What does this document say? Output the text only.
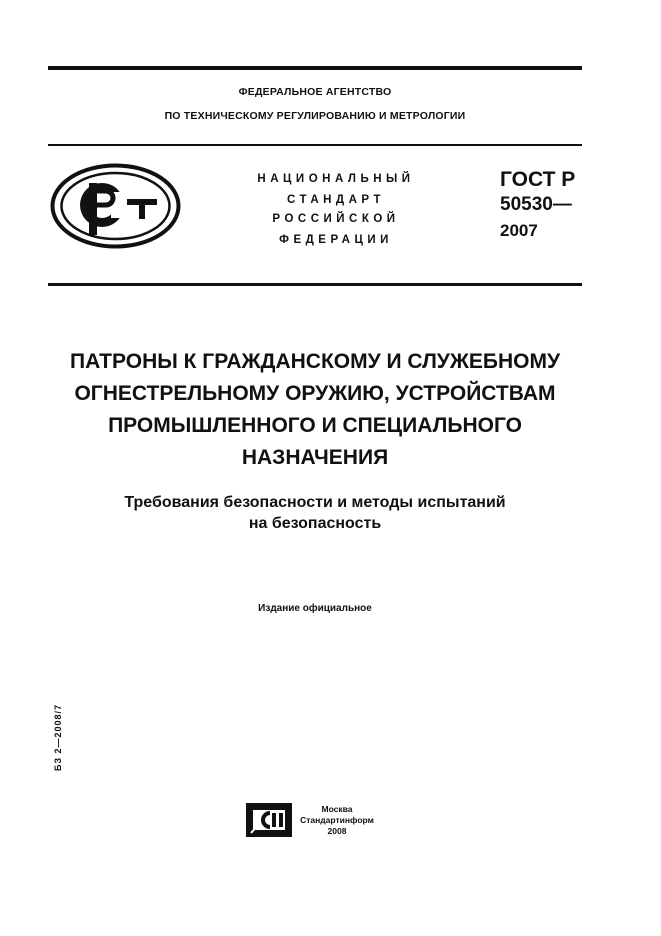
ФЕДЕРАЛЬНОЕ АГЕНТСТВО
ПО ТЕХНИЧЕСКОМУ РЕГУЛИРОВАНИЮ И МЕТРОЛОГИИ
НАЦИОНАЛЬНЫЙ
СТАНДАРТ
РОССИЙСКОЙ
ФЕДЕРАЦИИ
ГОСТ Р
50530—
2007
ПАТРОНЫ К ГРАЖДАНСКОМУ И СЛУЖЕБНОМУ
ОГНЕСТРЕЛЬНОМУ ОРУЖИЮ, УСТРОЙСТВАМ
ПРОМЫШЛЕННОГО И СПЕЦИАЛЬНОГО
НАЗНАЧЕНИЯ
Требования безопасности и методы испытаний
на безопасность
Издание официальное
БЗ 2—2008/7
Москва
Стандартинформ
2008
